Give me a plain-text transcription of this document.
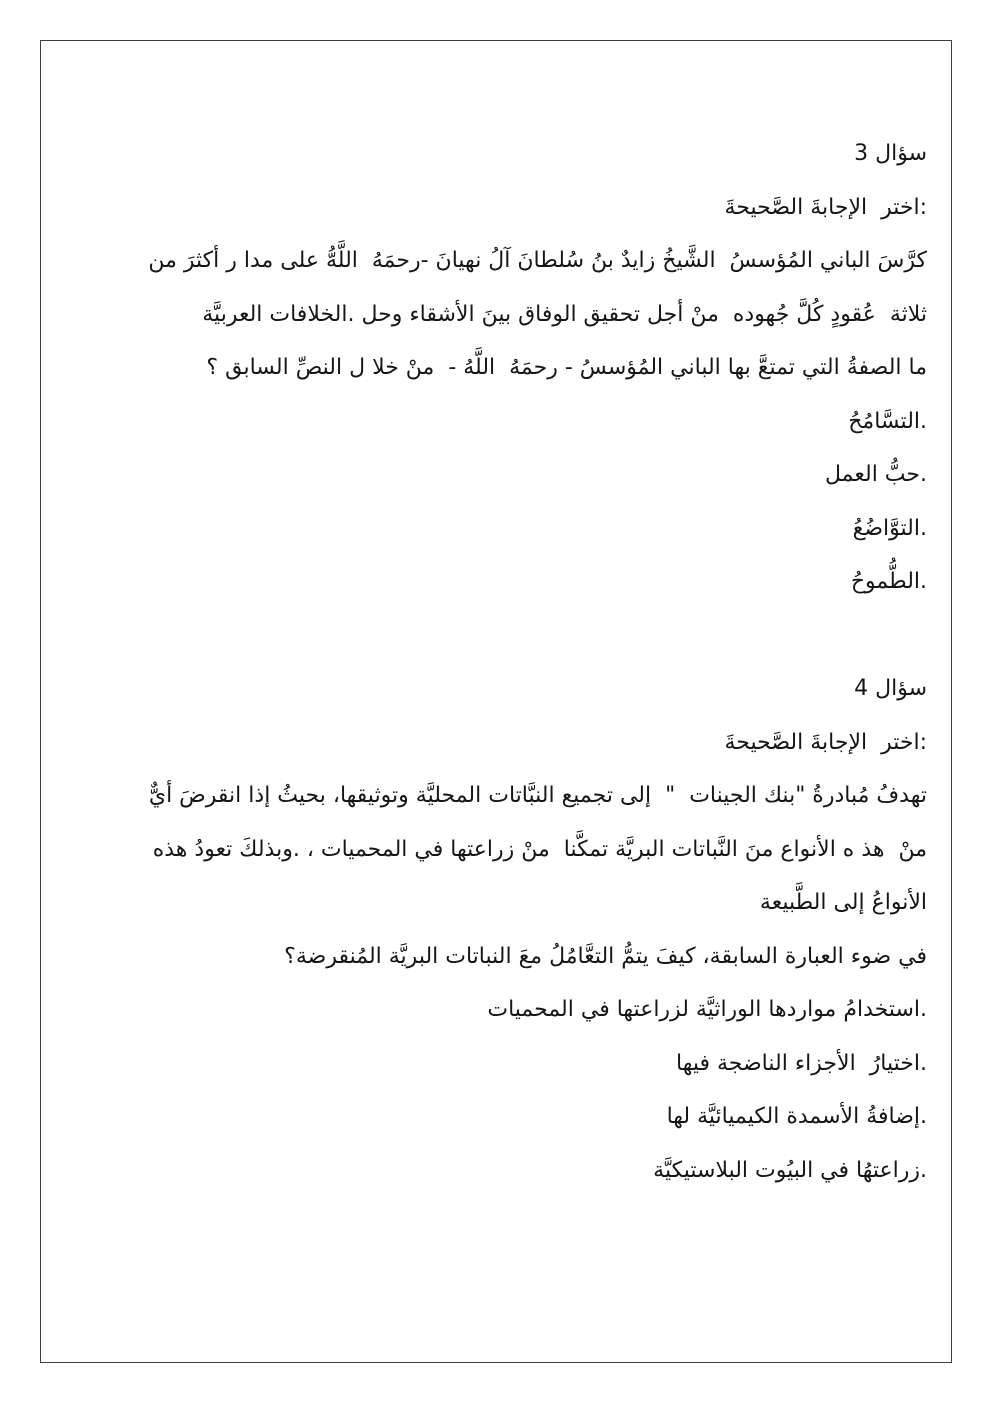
سؤال 3
:اختر  الإجابةَ الصَّحيحةَ
كرَّسَ الباني المُؤسسُ  الشَّيخُ زايدٌ بنُ سُلطانَ آلُ نهيانَ -رحمَهُ  اللَّهُّ على مدا ر أكثرَ من
ثلاثة  عُقودٍ كُلَّ جُهوده  منْ أجل تحقيق الوفاق بينَ الأشقاء وحل .الخلافات العربيَّة
ما الصفةُ التي تمتعَّ بها الباني المُؤسسُ - رحمَهُ  اللَّهُ -  منْ خلا ل النصِّ السابق ؟
.التسَّامُحُ
.حبُّ العمل
.التوَّاضُعُ
.الطُّموحُ
سؤال 4
:اختر  الإجابةَ الصَّحيحةَ
تهدفُ مُبادرةُ "بنك الجينات  "  إلى تجميع النبَّاتات المحليَّة وتوثيقها، بحيثُ إذا انقرضَ أيٌّ
منْ  هذ ه الأنواع منَ النَّباتات البريَّة تمكَّنا  منْ زراعتها في المحميات ، .وبذلكَ تعودُ هذه
الأنواعُ إلى الطَّبيعة
في ضوء العبارة السابقة، كيفَ يتمُّ التعَّامُلُ معَ النباتات البريَّة المُنقرضة؟
.استخدامُ مواردها الوراثيَّة لزراعتها في المحميات
.اختيارُ  الأجزاء الناضجة فيها
.إضافةُ الأسمدة الكيميائيَّة لها
.زراعتهُا في البيُوت البلاستيكيَّة
